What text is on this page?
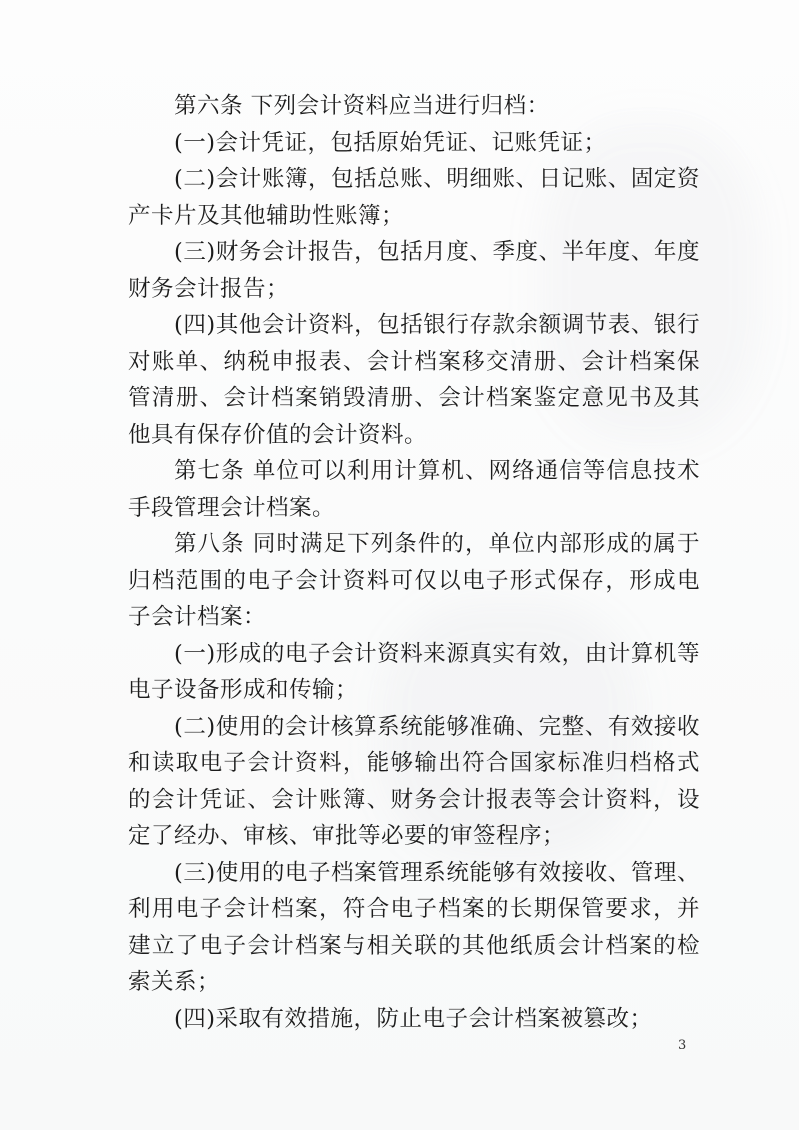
第六条 下列会计资料应当进行归档：

(一)会计凭证，包括原始凭证、记账凭证；

(二)会计账簿，包括总账、明细账、日记账、固定资产卡片及其他辅助性账簿；

(三)财务会计报告，包括月度、季度、半年度、年度财务会计报告；

(四)其他会计资料，包括银行存款余额调节表、银行对账单、纳税申报表、会计档案移交清册、会计档案保管清册、会计档案销毁清册、会计档案鉴定意见书及其他具有保存价值的会计资料。

第七条 单位可以利用计算机、网络通信等信息技术手段管理会计档案。

第八条 同时满足下列条件的，单位内部形成的属于归档范围的电子会计资料可仅以电子形式保存，形成电子会计档案：

(一)形成的电子会计资料来源真实有效，由计算机等电子设备形成和传输；

(二)使用的会计核算系统能够准确、完整、有效接收和读取电子会计资料，能够输出符合国家标准归档格式的会计凭证、会计账簿、财务会计报表等会计资料，设定了经办、审核、审批等必要的审签程序；

(三)使用的电子档案管理系统能够有效接收、管理、利用电子会计档案，符合电子档案的长期保管要求，并建立了电子会计档案与相关联的其他纸质会计档案的检索关系；

(四)采取有效措施，防止电子会计档案被篡改；

3
